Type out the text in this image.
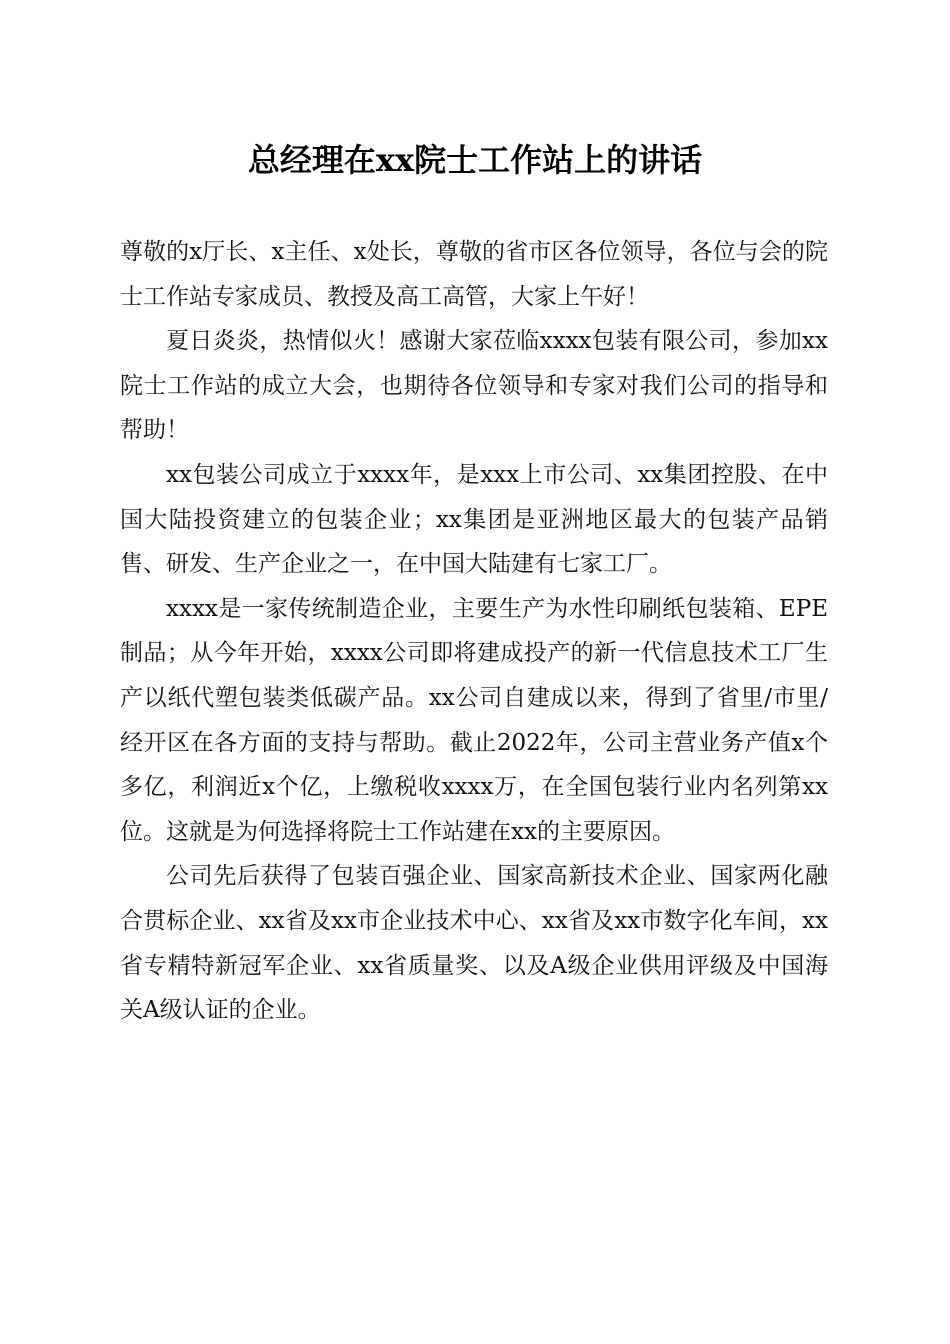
总经理在xx院士工作站上的讲话

尊敬的x厅长、x主任、x处长，尊敬的省市区各位领导，各位与会的院士工作站专家成员、教授及高工高管，大家上午好！

夏日炎炎，热情似火！感谢大家莅临xxxx包装有限公司，参加xx院士工作站的成立大会，也期待各位领导和专家对我们公司的指导和帮助！

xx包装公司成立于xxxx年，是xxx上市公司、xx集团控股、在中国大陆投资建立的包装企业；xx集团是亚洲地区最大的包装产品销售、研发、生产企业之一，在中国大陆建有七家工厂。

xxxx是一家传统制造企业，主要生产为水性印刷纸包装箱、EPE制品；从今年开始，xxxx公司即将建成投产的新一代信息技术工厂生产以纸代塑包装类低碳产品。xx公司自建成以来，得到了省里/市里/经开区在各方面的支持与帮助。截止2022年，公司主营业务产值x个多亿，利润近x个亿，上缴税收xxxx万，在全国包装行业内名列第xx位。这就是为何选择将院士工作站建在xx的主要原因。

公司先后获得了包装百强企业、国家高新技术企业、国家两化融合贯标企业、xx省及xx市企业技术中心、xx省及xx市数字化车间，xx省专精特新冠军企业、xx省质量奖、以及A级企业供用评级及中国海关A级认证的企业。
